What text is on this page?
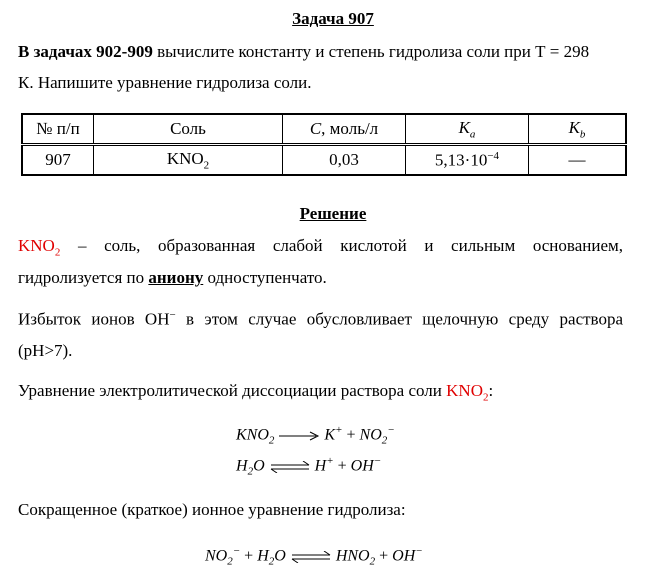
Задача 907
В задачах 902-909 вычислите константу и степень гидролиза соли при Т = 298
К. Напишите уравнение гидролиза соли.
№ п/п	Соль	C, моль/л	$K_a$	$K_b$
907	$KNO_2$	0,03	$5,13\cdot 10^{-4}$	—
Решение
$KNO_2$ – соль, образованная слабой кислотой и сильным основанием,
гидролизуется по аниону одноступенчато.
Избыток ионов ОН− в этом случае обусловливает щелочную среду раствора
(pH>7).
Уравнение электролитической диссоциации раствора соли $KNO_2$:
$KNO_2$	$K^+ + NO_2^-$
$H_2O$ ⇌ H+ + OH−
Сокращенное (краткое) ионное уравнение гидролиза:
$NO_2^- + H_2O$ ⇌ $HNO_2 + OH^-$
